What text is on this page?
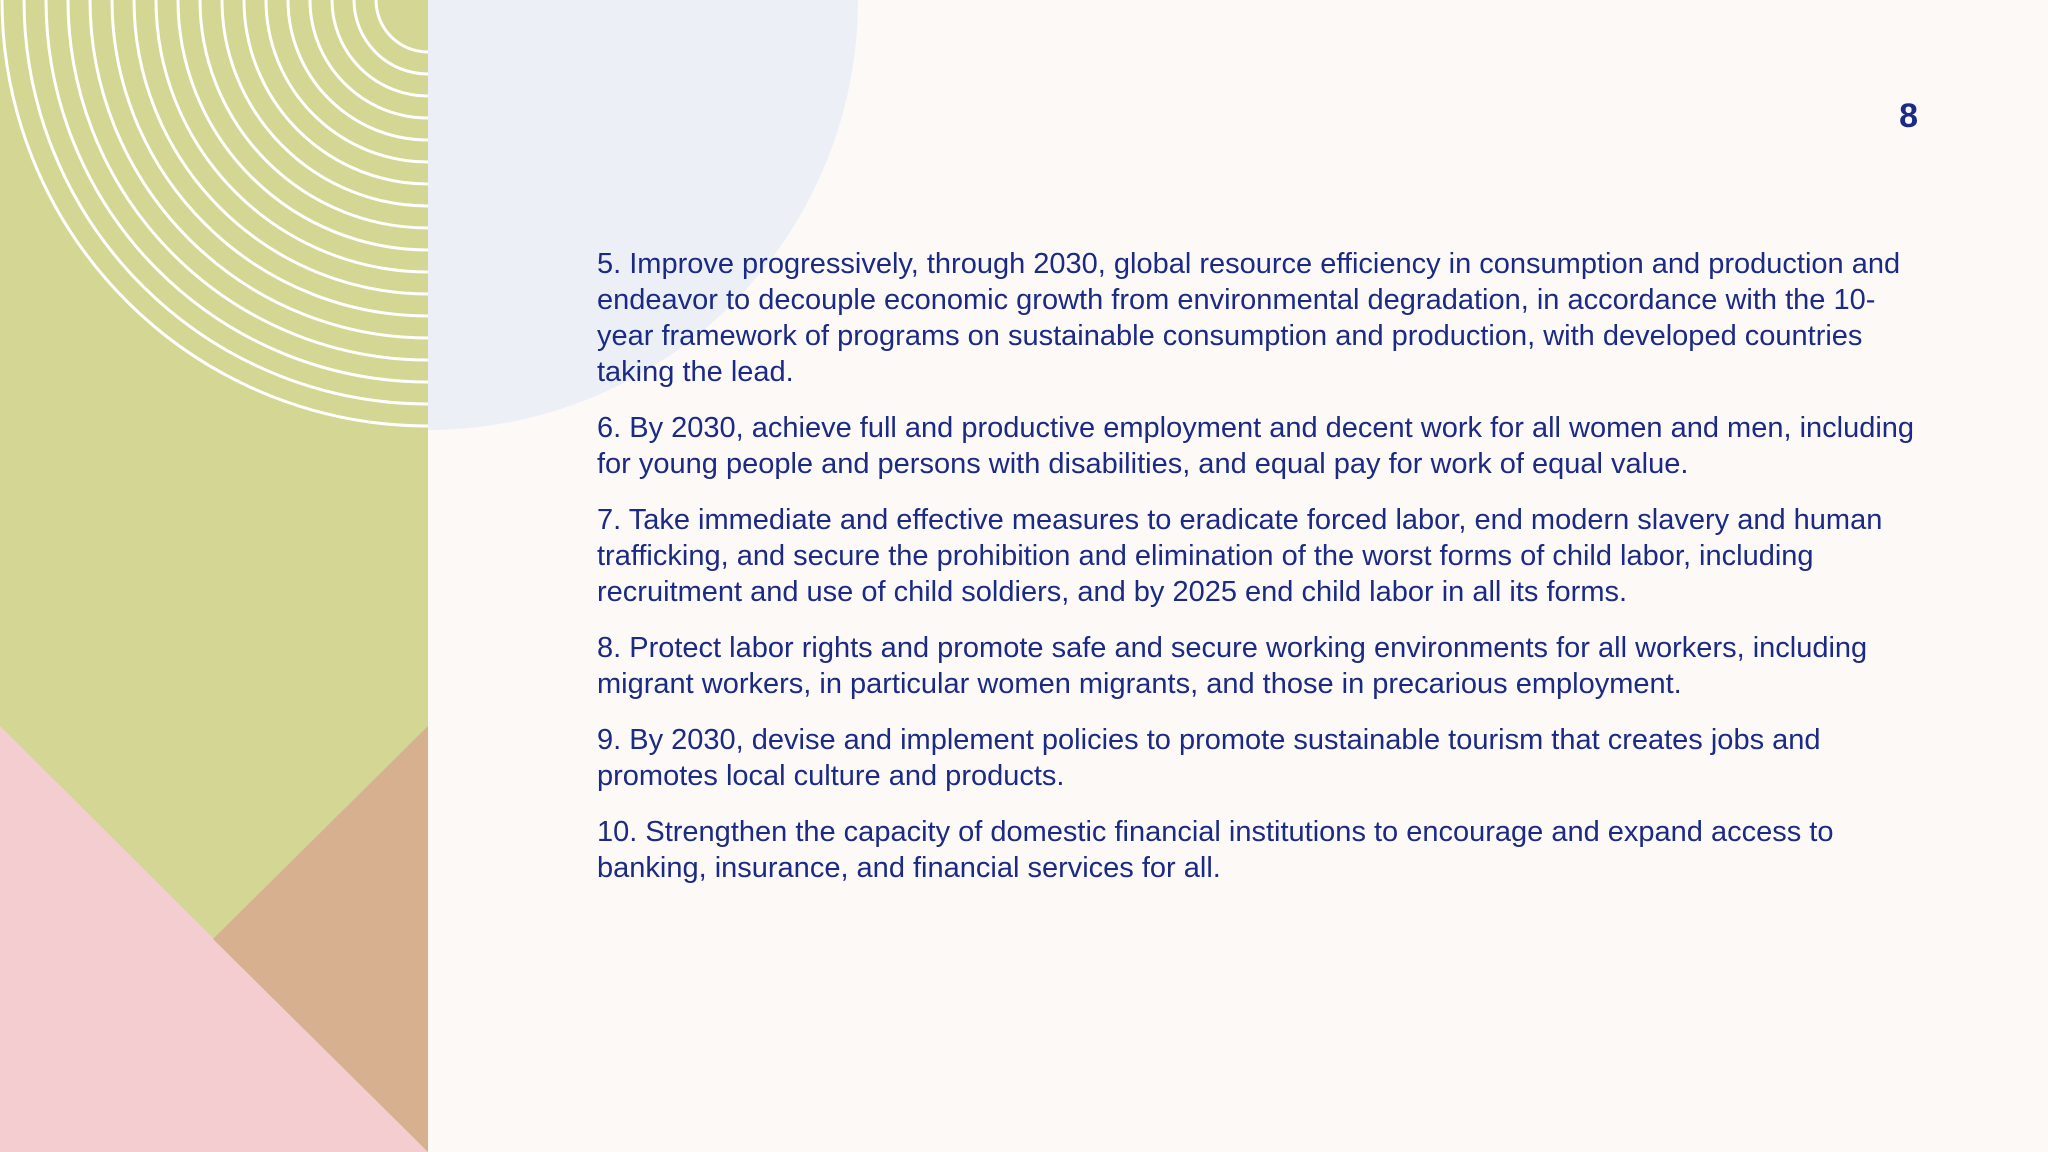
8
5. Improve progressively, through 2030, global resource efficiency in consumption and production and endeavor to decouple economic growth from environmental degradation, in accordance with the 10-year framework of programs on sustainable consumption and production, with developed countries taking the lead.
6. By 2030, achieve full and productive employment and decent work for all women and men, including for young people and persons with disabilities, and equal pay for work of equal value.
7. Take immediate and effective measures to eradicate forced labor, end modern slavery and human trafficking, and secure the prohibition and elimination of the worst forms of child labor, including recruitment and use of child soldiers, and by 2025 end child labor in all its forms.
8. Protect labor rights and promote safe and secure working environments for all workers, including migrant workers, in particular women migrants, and those in precarious employment.
9. By 2030, devise and implement policies to promote sustainable tourism that creates jobs and promotes local culture and products.
10. Strengthen the capacity of domestic financial institutions to encourage and expand access to banking, insurance, and financial services for all.
